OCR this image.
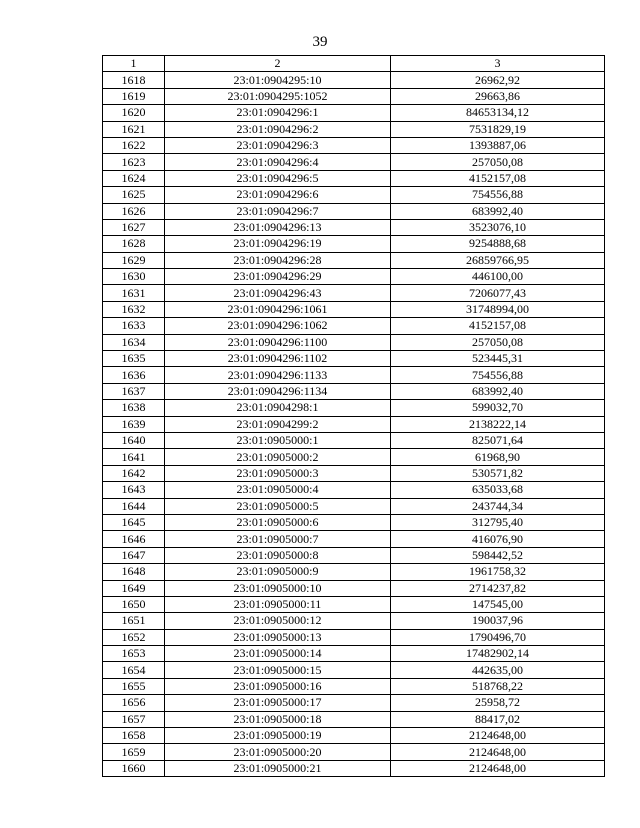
39
1	2	3
1618	23:01:0904295:10	26962,92
1619	23:01:0904295:1052	29663,86
1620	23:01:0904296:1	84653134,12
1621	23:01:0904296:2	7531829,19
1622	23:01:0904296:3	1393887,06
1623	23:01:0904296:4	257050,08
1624	23:01:0904296:5	4152157,08
1625	23:01:0904296:6	754556,88
1626	23:01:0904296:7	683992,40
1627	23:01:0904296:13	3523076,10
1628	23:01:0904296:19	9254888,68
1629	23:01:0904296:28	26859766,95
1630	23:01:0904296:29	446100,00
1631	23:01:0904296:43	7206077,43
1632	23:01:0904296:1061	31748994,00
1633	23:01:0904296:1062	4152157,08
1634	23:01:0904296:1100	257050,08
1635	23:01:0904296:1102	523445,31
1636	23:01:0904296:1133	754556,88
1637	23:01:0904296:1134	683992,40
1638	23:01:0904298:1	599032,70
1639	23:01:0904299:2	2138222,14
1640	23:01:0905000:1	825071,64
1641	23:01:0905000:2	61968,90
1642	23:01:0905000:3	530571,82
1643	23:01:0905000:4	635033,68
1644	23:01:0905000:5	243744,34
1645	23:01:0905000:6	312795,40
1646	23:01:0905000:7	416076,90
1647	23:01:0905000:8	598442,52
1648	23:01:0905000:9	1961758,32
1649	23:01:0905000:10	2714237,82
1650	23:01:0905000:11	147545,00
1651	23:01:0905000:12	190037,96
1652	23:01:0905000:13	1790496,70
1653	23:01:0905000:14	17482902,14
1654	23:01:0905000:15	442635,00
1655	23:01:0905000:16	518768,22
1656	23:01:0905000:17	25958,72
1657	23:01:0905000:18	88417,02
1658	23:01:0905000:19	2124648,00
1659	23:01:0905000:20	2124648,00
1660	23:01:0905000:21	2124648,00
